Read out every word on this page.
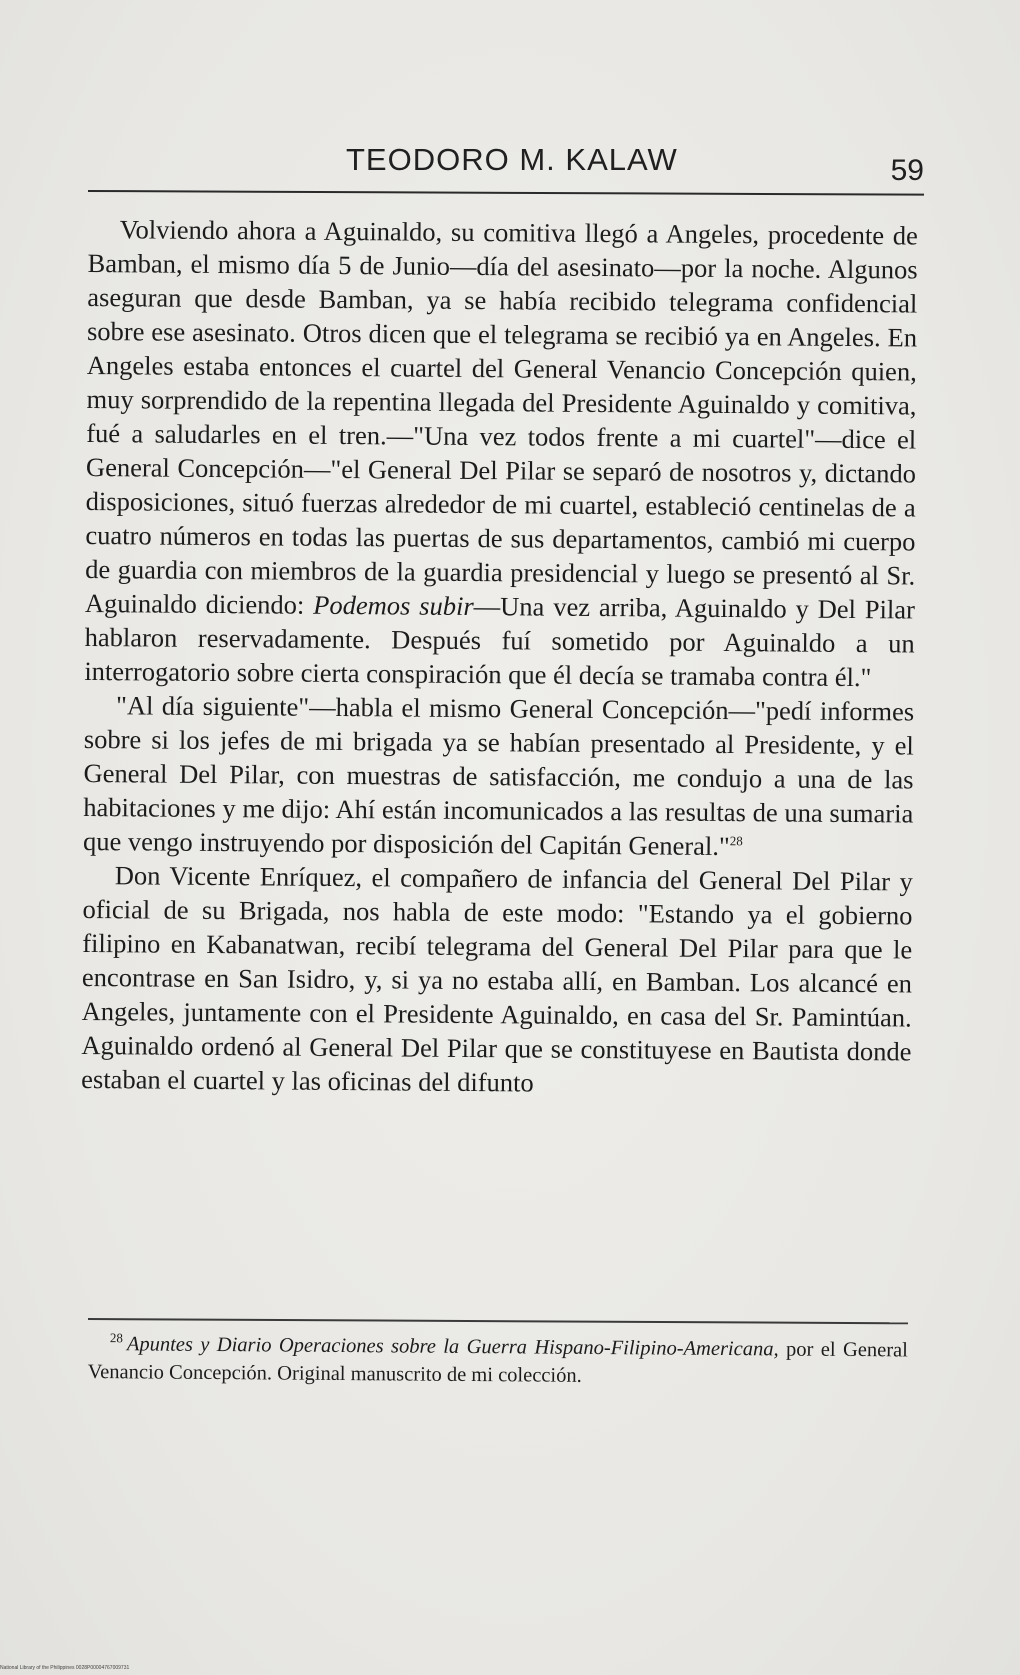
TEODORO M. KALAW	59

Volviendo ahora a Aguinaldo, su comitiva llegó a Angeles, procedente de Bamban, el mismo día 5 de Junio—día del asesinato—por la noche. Algunos aseguran que desde Bamban, ya se había recibido telegrama confidencial sobre ese asesinato. Otros dicen que el telegrama se recibió ya en Angeles. En Angeles estaba entonces el cuartel del General Venancio Concepción quien, muy sorprendido de la repentina llegada del Presidente Aguinaldo y comitiva, fué a saludarles en el tren.—"Una vez todos frente a mi cuartel"—dice el General Concepción—"el General Del Pilar se separó de nosotros y, dictando disposiciones, situó fuerzas alrededor de mi cuartel, estableció centinelas de a cuatro números en todas las puertas de sus departamentos, cambió mi cuerpo de guardia con miembros de la guardia presidencial y luego se presentó al Sr. Aguinaldo diciendo: Podemos subir—Una vez arriba, Aguinaldo y Del Pilar hablaron reservadamente. Después fuí sometido por Aguinaldo a un interrogatorio sobre cierta conspiración que él decía se tramaba contra él."

"Al día siguiente"—habla el mismo General Concepción—"pedí informes sobre si los jefes de mi brigada ya se habían presentado al Presidente, y el General Del Pilar, con muestras de satisfacción, me condujo a una de las habitaciones y me dijo: Ahí están incomunicados a las resultas de una sumaria que vengo instruyendo por disposición del Capitán General."$^{28}$

Don Vicente Enríquez, el compañero de infancia del General Del Pilar y oficial de su Brigada, nos habla de este modo: "Estando ya el gobierno filipino en Kabanatwan, recibí telegrama del General Del Pilar para que le encontrase en San Isidro, y, si ya no estaba allí, en Bamban. Los alcancé en Angeles, juntamente con el Presidente Aguinaldo, en casa del Sr. Pamintúan. Aguinaldo ordenó al General Del Pilar que se constituyese en Bautista donde estaban el cuartel y las oficinas del difunto

$^{28}$ Apuntes y Diario Operaciones sobre la Guerra Hispano-Filipino-Americana, por el General Venancio Concepción. Original manuscrito de mi colección.

National Library of the Philippines 0028P00004767009731
